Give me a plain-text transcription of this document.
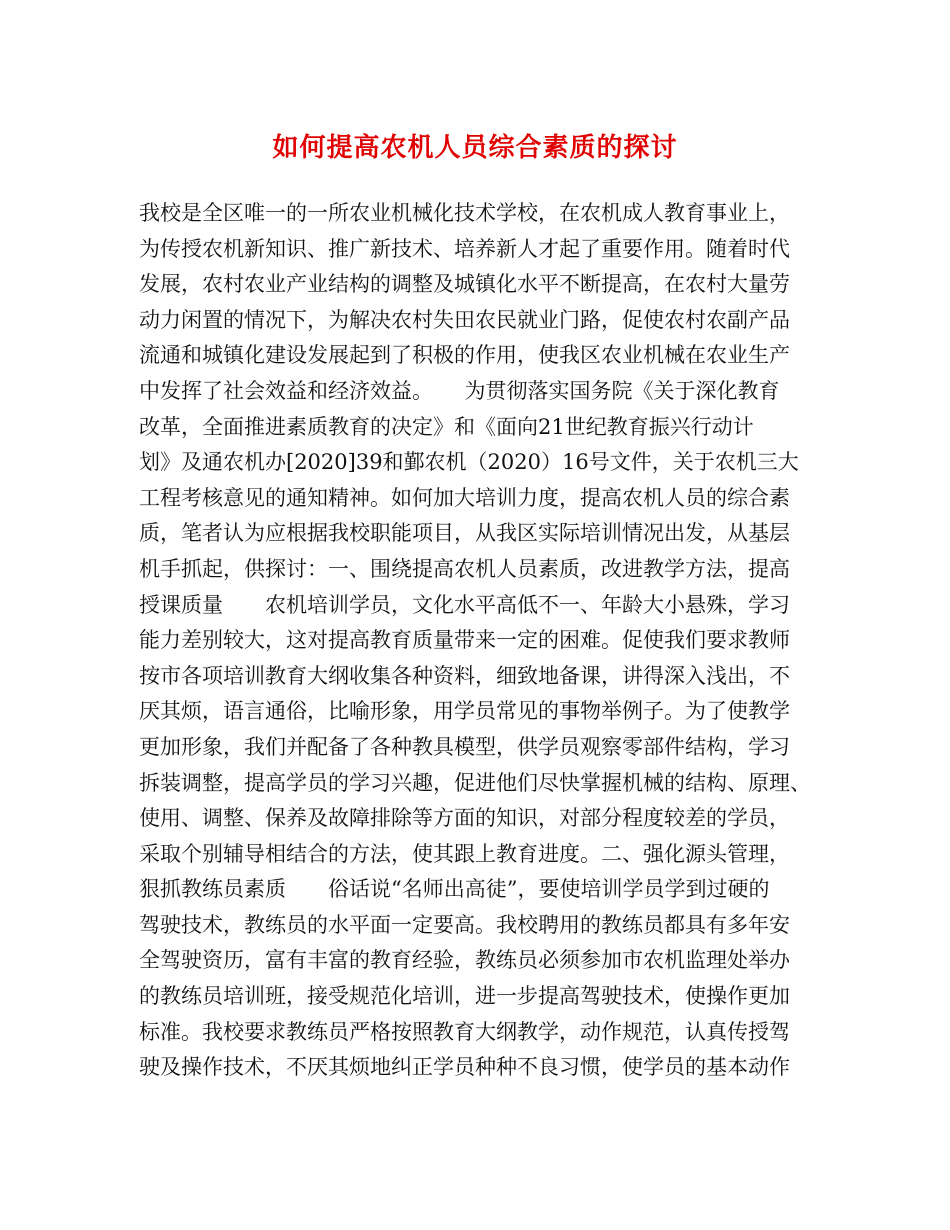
如何提高农机人员综合素质的探讨
我校是全区唯一的一所农业机械化技术学校，在农机成人教育事业上，
为传授农机新知识、推广新技术、培养新人才起了重要作用。随着时代
发展，农村农业产业结构的调整及城镇化水平不断提高，在农村大量劳
动力闲置的情况下，为解决农村失田农民就业门路，促使农村农副产品
流通和城镇化建设发展起到了积极的作用，使我区农业机械在农业生产
中发挥了社会效益和经济效益。　　为贯彻落实国务院《关于深化教育
改革，全面推进素质教育的决定》和《面向21世纪教育振兴行动计
划》及通农机办[2020]39和鄞农机（2020）16号文件，关于农机三大
工程考核意见的通知精神。如何加大培训力度，提高农机人员的综合素
质，笔者认为应根据我校职能项目，从我区实际培训情况出发，从基层
机手抓起，供探讨：一、围绕提高农机人员素质，改进教学方法，提高
授课质量　　农机培训学员，文化水平高低不一、年龄大小悬殊，学习
能力差别较大，这对提高教育质量带来一定的困难。促使我们要求教师
按市各项培训教育大纲收集各种资料，细致地备课，讲得深入浅出，不
厌其烦，语言通俗，比喻形象，用学员常见的事物举例子。为了使教学
更加形象，我们并配备了各种教具模型，供学员观察零部件结构，学习
拆装调整，提高学员的学习兴趣，促进他们尽快掌握机械的结构、原理、
使用、调整、保养及故障排除等方面的知识，对部分程度较差的学员，
采取个别辅导相结合的方法，使其跟上教育进度。二、强化源头管理，
狠抓教练员素质　　俗话说“名师出高徒”，要使培训学员学到过硬的
驾驶技术，教练员的水平面一定要高。我校聘用的教练员都具有多年安
全驾驶资历，富有丰富的教育经验，教练员必须参加市农机监理处举办
的教练员培训班，接受规范化培训，进一步提高驾驶技术，使操作更加
标准。我校要求教练员严格按照教育大纲教学，动作规范，认真传授驾
驶及操作技术，不厌其烦地纠正学员种种不良习惯，使学员的基本动作
